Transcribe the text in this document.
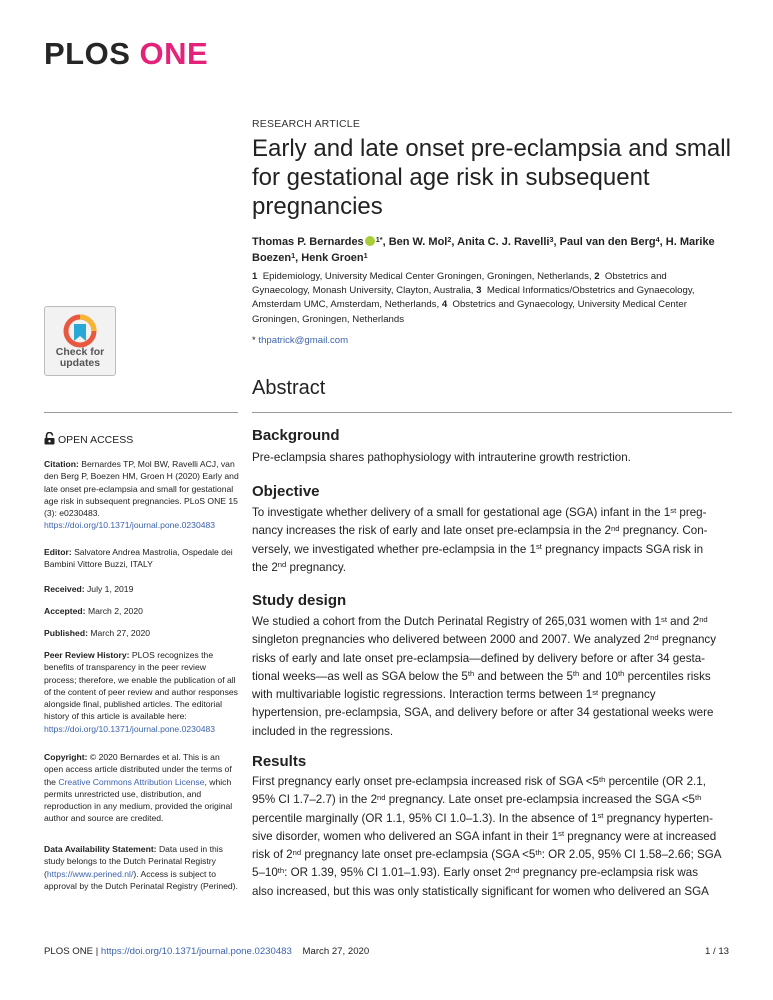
PLOS ONE
RESEARCH ARTICLE
Early and late onset pre-eclampsia and small for gestational age risk in subsequent pregnancies
Thomas P. Bernardes $^{1*}$, Ben W. Mol$^2$, Anita C. J. Ravelli$^3$, Paul van den Berg$^4$, H. Marike Boezen$^1$, Henk Groen$^1$
1 Epidemiology, University Medical Center Groningen, Groningen, Netherlands, 2 Obstetrics and Gynaecology, Monash University, Clayton, Australia, 3 Medical Informatics/Obstetrics and Gynaecology, Amsterdam UMC, Amsterdam, Netherlands, 4 Obstetrics and Gynaecology, University Medical Center Groningen, Groningen, Netherlands
* thpatrick@gmail.com
Check for
updates
OPEN ACCESS
Citation: Bernardes TP, Mol BW, Ravelli ACJ, van den Berg P, Boezen HM, Groen H (2020) Early and late onset pre-eclampsia and small for gestational age risk in subsequent pregnancies. PLoS ONE 15 (3): e0230483. https://doi.org/10.1371/journal.pone.0230483
Editor: Salvatore Andrea Mastrolia, Ospedale dei Bambini Vittore Buzzi, ITALY
Received: July 1, 2019
Accepted: March 2, 2020
Published: March 27, 2020
Peer Review History: PLOS recognizes the benefits of transparency in the peer review process; therefore, we enable the publication of all of the content of peer review and author responses alongside final, published articles. The editorial history of this article is available here: https://doi.org/10.1371/journal.pone.0230483
Copyright: © 2020 Bernardes et al. This is an open access article distributed under the terms of the Creative Commons Attribution License, which permits unrestricted use, distribution, and reproduction in any medium, provided the original author and source are credited.
Data Availability Statement: Data used in this study belongs to the Dutch Perinatal Registry (https://www.perined.nl/). Access is subject to approval by the Dutch Perinatal Registry (Perined).
Abstract
Background

Pre-eclampsia shares pathophysiology with intrauterine growth restriction.

Objective

To investigate whether delivery of a small for gestational age (SGA) infant in the 1st preg-nancy increases the risk of early and late onset pre-eclampsia in the 2nd pregnancy. Con-versely, we investigated whether pre-eclampsia in the 1st pregnancy impacts SGA risk in the 2nd pregnancy.

Study design

We studied a cohort from the Dutch Perinatal Registry of 265,031 women with 1st and 2nd singleton pregnancies who delivered between 2000 and 2007. We analyzed 2nd pregnancy risks of early and late onset pre-eclampsia—defined by delivery before or after 34 gesta-tional weeks—as well as SGA below the 5th and between the 5th and 10th percentiles risks with multivariable logistic regressions. Interaction terms between 1st pregnancy hypertension, pre-eclampsia, SGA, and delivery before or after 34 gestational weeks were included in the regressions.

Results

First pregnancy early onset pre-eclampsia increased risk of SGA <5th percentile (OR 2.1, 95% CI 1.7–2.7) in the 2nd pregnancy. Late onset pre-eclampsia increased the SGA <5th percentile marginally (OR 1.1, 95% CI 1.0–1.3). In the absence of 1st pregnancy hyperten-sive disorder, women who delivered an SGA infant in their 1st pregnancy were at increased risk of 2nd pregnancy late onset pre-eclampsia (SGA <5th: OR 2.05, 95% CI 1.58–2.66; SGA 5–10th: OR 1.39, 95% CI 1.01–1.93). Early onset 2nd pregnancy pre-eclampsia risk was also increased, but this was only statistically significant for women who delivered an SGA

PLOS ONE | https://doi.org/10.1371/journal.pone.0230483 March 27, 2020	1 / 13
